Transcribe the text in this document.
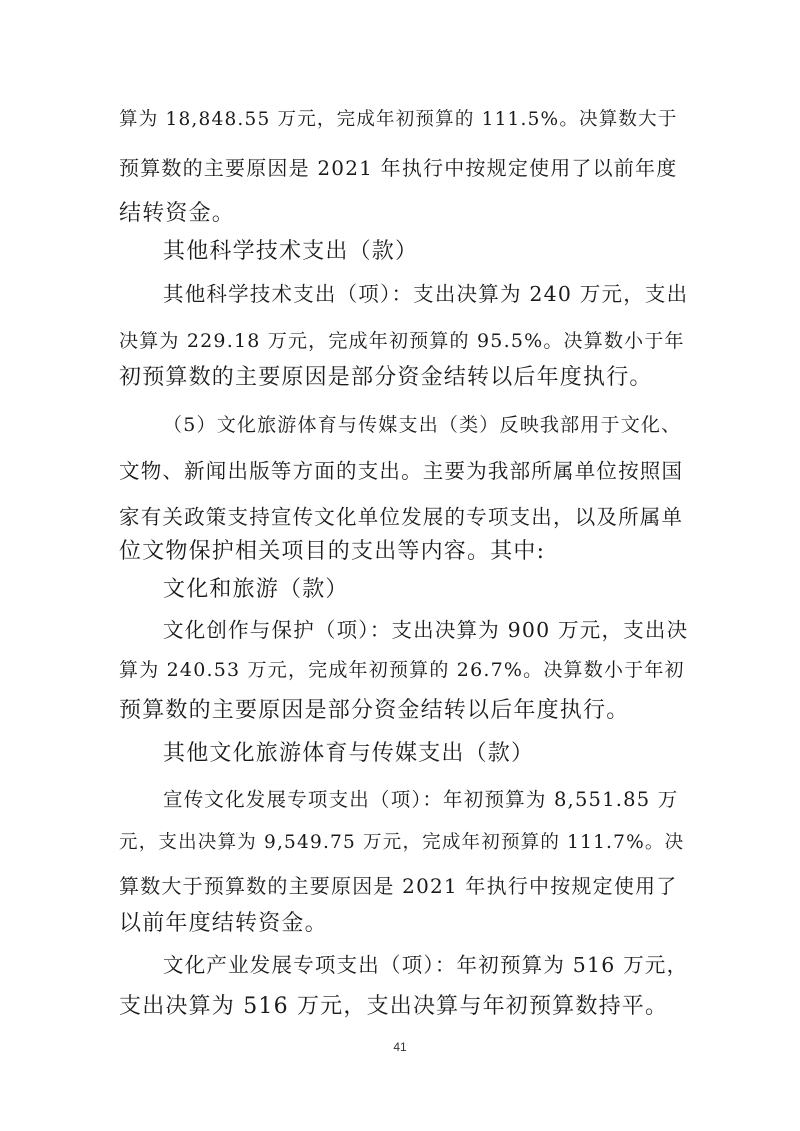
算为 18,848.55 万元，完成年初预算的 111.5%。决算数大于
预算数的主要原因是 2021 年执行中按规定使用了以前年度
结转资金。
其他科学技术支出（款）
其他科学技术支出（项）：支出决算为 240 万元，支出
决算为 229.18 万元，完成年初预算的 95.5%。决算数小于年
初预算数的主要原因是部分资金结转以后年度执行。
（5）文化旅游体育与传媒支出（类）反映我部用于文化、
文物、新闻出版等方面的支出。主要为我部所属单位按照国
家有关政策支持宣传文化单位发展的专项支出，以及所属单
位文物保护相关项目的支出等内容。其中:
文化和旅游（款）
文化创作与保护（项）：支出决算为 900 万元，支出决
算为 240.53 万元，完成年初预算的 26.7%。决算数小于年初
预算数的主要原因是部分资金结转以后年度执行。
其他文化旅游体育与传媒支出（款）
宣传文化发展专项支出（项）：年初预算为 8,551.85 万
元，支出决算为 9,549.75 万元，完成年初预算的 111.7%。决
算数大于预算数的主要原因是 2021 年执行中按规定使用了
以前年度结转资金。
文化产业发展专项支出（项）：年初预算为 516 万元，
支出决算为 516 万元，支出决算与年初预算数持平。
41
